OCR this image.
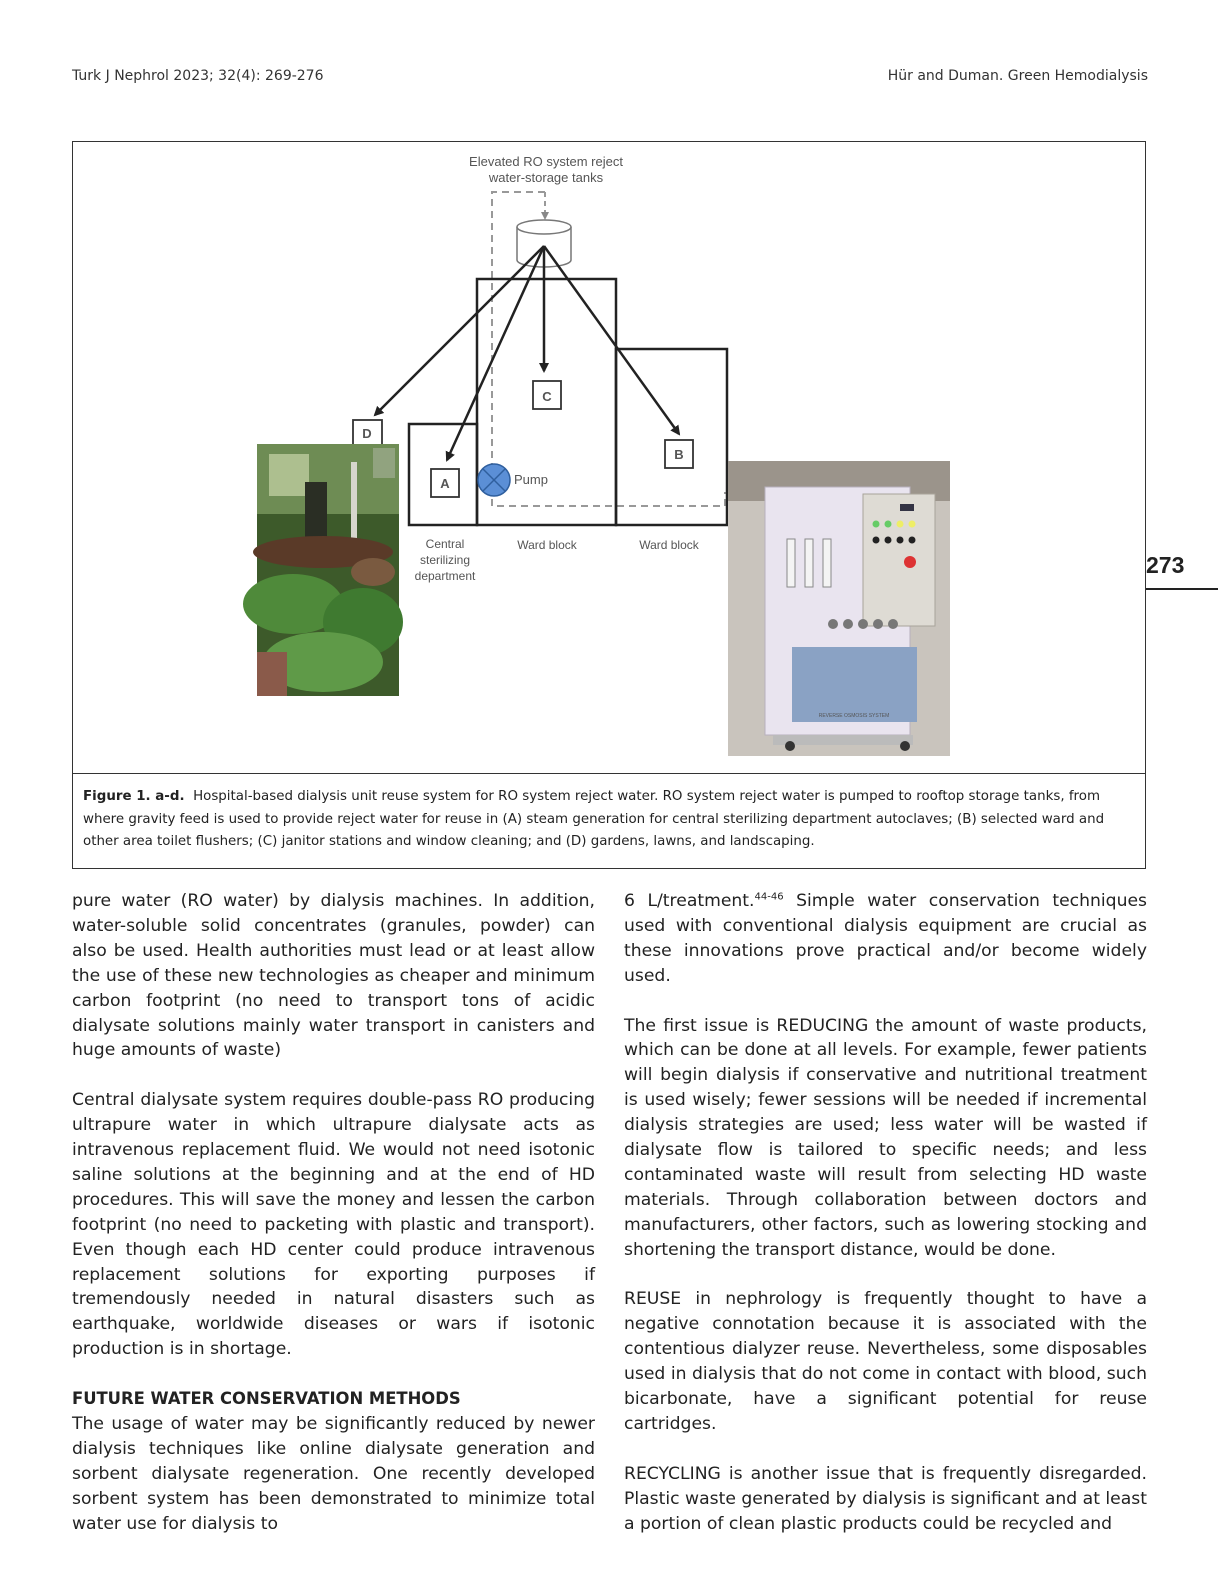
Turk J Nephrol 2023; 32(4): 269-276	Hür and Duman. Green Hemodialysis
273
Elevated RO system reject
water-storage tanks
C
B
A
D
Pump
Central
sterilizing
department
Ward block	Ward block
REVERSE OSMOSIS SYSTEM
Figure 1. a-d. Hospital-based dialysis unit reuse system for RO system reject water. RO system reject water is pumped to rooftop storage tanks, from where gravity feed is used to provide reject water for reuse in (A) steam generation for central sterilizing department autoclaves; (B) selected ward and other area toilet flushers; (C) janitor stations and window cleaning; and (D) gardens, lawns, and landscaping.

pure water (RO water) by dialysis machines. In addition, water-soluble solid concentrates (granules, powder) can also be used. Health authorities must lead or at least allow the use of these new technologies as cheaper and minimum carbon footprint (no need to transport tons of acidic dialysate solutions mainly water transport in canisters and huge amounts of waste)

Central dialysate system requires double-pass RO producing ultrapure water in which ultrapure dialysate acts as intravenous replacement fluid. We would not need isotonic saline solutions at the beginning and at the end of HD procedures. This will save the money and lessen the carbon footprint (no need to packeting with plastic and transport). Even though each HD center could produce intravenous replacement solutions for exporting purposes if tremendously needed in natural disasters such as earthquake, worldwide diseases or wars if isotonic production is in shortage.

FUTURE WATER CONSERVATION METHODS

The usage of water may be significantly reduced by newer dialysis techniques like online dialysate generation and sorbent dialysate regeneration. One recently developed sorbent system has been demonstrated to minimize total water use for dialysis to

6 L/treatment.$^{44-46}$ Simple water conservation techniques used with conventional dialysis equipment are crucial as these innovations prove practical and/or become widely used.

The first issue is REDUCING the amount of waste products, which can be done at all levels. For example, fewer patients will begin dialysis if conservative and nutritional treatment is used wisely; fewer sessions will be needed if incremental dialysis strategies are used; less water will be wasted if dialysate flow is tailored to specific needs; and less contaminated waste will result from selecting HD waste materials. Through collaboration between doctors and manufacturers, other factors, such as lowering stocking and shortening the transport distance, would be done.

REUSE in nephrology is frequently thought to have a negative connotation because it is associated with the contentious dialyzer reuse. Nevertheless, some disposables used in dialysis that do not come in contact with blood, such bicarbonate, have a significant potential for reuse cartridges.

RECYCLING is another issue that is frequently disregarded. Plastic waste generated by dialysis is significant and at least a portion of clean plastic products could be recycled and
